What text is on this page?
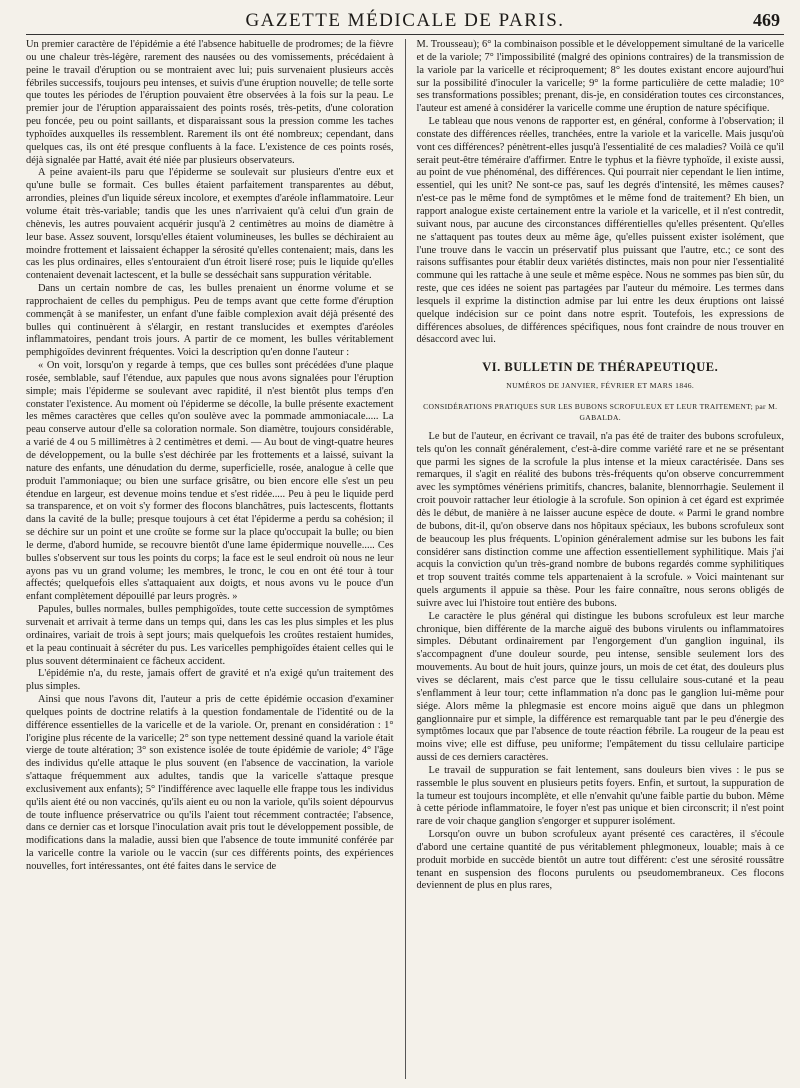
GAZETTE MÉDICALE DE PARIS.	469

Un premier caractère de l'épidémie a été l'absence habituelle de prodromes; de la fièvre ou une chaleur très-légère, rarement des nausées ou des vomissements, précédaient à peine le travail d'éruption ou se montraient avec lui; puis survenaient plusieurs accès fébriles successifs, toujours peu intenses, et suivis d'une éruption nouvelle; de telle sorte que toutes les périodes de l'éruption pouvaient être observées à la fois sur la peau. Le premier jour de l'éruption apparaissaient des points rosés, très-petits, d'une coloration peu foncée, peu ou point saillants, et disparaissant sous la pression comme les taches typhoïdes auxquelles ils ressemblent. Rarement ils ont été nombreux; cependant, dans quelques cas, ils ont été presque confluents à la face. L'existence de ces points rosés, déjà signalée par Hatté, avait été niée par plusieurs observateurs.

A peine avaient-ils paru que l'épiderme se soulevait sur plusieurs d'entre eux et qu'une bulle se formait. Ces bulles étaient parfaitement transparentes au début, arrondies, pleines d'un liquide séreux incolore, et exemptes d'aréole inflammatoire. Leur volume était très-variable; tandis que les unes n'arrivaient qu'à celui d'un grain de chènevis, les autres pouvaient acquérir jusqu'à 2 centimètres au moins de diamètre à leur base. Assez souvent, lorsqu'elles étaient volumineuses, les bulles se déchiraient au moindre frottement et laissaient échapper la sérosité qu'elles contenaient; mais, dans les cas les plus ordinaires, elles s'entouraient d'un étroit liseré rose; puis le liquide qu'elles contenaient devenait lactescent, et la bulle se desséchait sans suppuration véritable.

Dans un certain nombre de cas, les bulles prenaient un énorme volume et se rapprochaient de celles du pemphigus. Peu de temps avant que cette forme d'éruption commençât à se manifester, un enfant d'une faible complexion avait déjà présenté des bulles qui continuèrent à s'élargir, en restant translucides et exemptes d'aréoles inflammatoires, pendant trois jours. A partir de ce moment, les bulles véritablement pemphigoïdes devinrent fréquentes. Voici la description qu'en donne l'auteur :

« On voit, lorsqu'on y regarde à temps, que ces bulles sont précédées d'une plaque rosée, semblable, sauf l'étendue, aux papules que nous avons signalées pour l'éruption simple; mais l'épiderme se soulevant avec rapidité, il n'est bientôt plus temps d'en constater l'existence. Au moment où l'épiderme se décolle, la bulle présente exactement les mêmes caractères que celles qu'on soulève avec la pommade ammoniacale..... La peau conserve autour d'elle sa coloration normale. Son diamètre, toujours considérable, a varié de 4 ou 5 millimètres à 2 centimètres et demi. — Au bout de vingt-quatre heures de développement, ou la bulle s'est déchirée par les frottements et a laissé, suivant la nature des enfants, une dénudation du derme, superficielle, rosée, analogue à celle que produit l'ammoniaque; ou bien une surface grisâtre, ou bien encore elle s'est un peu étendue en largeur, est devenue moins tendue et s'est ridée..... Peu à peu le liquide perd sa transparence, et on voit s'y former des flocons blanchâtres, puis lactescents, flottants dans la cavité de la bulle; presque toujours à cet état l'épiderme a perdu sa cohésion; il se déchire sur un point et une croûte se forme sur la place qu'occupait la bulle; ou bien le derme, d'abord humide, se recouvre bientôt d'une lame épidermique nouvelle..... Ces bulles s'observent sur tous les points du corps; la face est le seul endroit où nous ne leur ayons pas vu un grand volume; les membres, le tronc, le cou en ont été tour à tour affectés; quelquefois elles s'attaquaient aux doigts, et nous avons vu le pouce d'un enfant complètement dépouillé par leurs progrès. »

Papules, bulles normales, bulles pemphigoïdes, toute cette succession de symptômes survenait et arrivait à terme dans un temps qui, dans les cas les plus simples et les plus ordinaires, variait de trois à sept jours; mais quelquefois les croûtes restaient humides, et la peau continuait à sécréter du pus. Les varicelles pemphigoïdes étaient celles qui le plus souvent déterminaient ce fâcheux accident.

L'épidémie n'a, du reste, jamais offert de gravité et n'a exigé qu'un traitement des plus simples.

Ainsi que nous l'avons dit, l'auteur a pris de cette épidémie occasion d'examiner quelques points de doctrine relatifs à la question fondamentale de l'identité ou de la différence essentielles de la varicelle et de la variole. Or, prenant en considération : 1° l'origine plus récente de la varicelle; 2° son type nettement dessiné quand la variole était vierge de toute altération; 3° son existence isolée de toute épidémie de variole; 4° l'âge des individus qu'elle attaque le plus souvent (en l'absence de vaccination, la variole s'attaque fréquemment aux adultes, tandis que la varicelle s'attaque presque exclusivement aux enfants); 5° l'indifférence avec laquelle elle frappe tous les individus qu'ils aient été ou non vaccinés, qu'ils aient eu ou non la variole, qu'ils soient dépourvus de toute influence préservatrice ou qu'ils l'aient tout récemment contractée; l'absence, dans ce dernier cas et lorsque l'inoculation avait pris tout le développement possible, de modifications dans la maladie, aussi bien que l'absence de toute immunité conférée par la varicelle contre la variole ou le vaccin (sur ces différents points, des expériences nouvelles, fort intéressantes, ont été faites dans le service de

M. Trousseau); 6° la combinaison possible et le développement simultané de la varicelle et de la variole; 7° l'impossibilité (malgré des opinions contraires) de la transmission de la variole par la varicelle et réciproquement; 8° les doutes existant encore aujourd'hui sur la possibilité d'inoculer la varicelle; 9° la forme particulière de cette maladie; 10° ses transformations possibles; prenant, dis-je, en considération toutes ces circonstances, l'auteur est amené à considérer la varicelle comme une éruption de nature spécifique.

Le tableau que nous venons de rapporter est, en général, conforme à l'observation; il constate des différences réelles, tranchées, entre la variole et la varicelle. Mais jusqu'où vont ces différences? pénètrent-elles jusqu'à l'essentialité de ces maladies? Voilà ce qu'il serait peut-être téméraire d'affirmer. Entre le typhus et la fièvre typhoïde, il existe aussi, au point de vue phénoménal, des différences. Qui pourrait nier cependant le lien intime, essentiel, qui les unit? Ne sont-ce pas, sauf les degrés d'intensité, les mêmes causes? n'est-ce pas le même fond de symptômes et le même fond de traitement? Eh bien, un rapport analogue existe certainement entre la variole et la varicelle, et il n'est contredit, suivant nous, par aucune des circonstances différentielles qu'elles présentent. Qu'elles ne s'attaquent pas toutes deux au même âge, qu'elles puissent exister isolément, que l'une trouve dans le vaccin un préservatif plus puissant que l'autre, etc.; ce sont des raisons suffisantes pour établir deux variétés distinctes, mais non pour nier l'essentialité commune qui les rattache à une seule et même espèce. Nous ne sommes pas bien sûr, du reste, que ces idées ne soient pas partagées par l'auteur du mémoire. Les termes dans lesquels il exprime la distinction admise par lui entre les deux éruptions ont laissé quelque indécision sur ce point dans notre esprit. Toutefois, les expressions de différences absolues, de différences spécifiques, nous font craindre de nous trouver en désaccord avec lui.

VI. BULLETIN DE THÉRAPEUTIQUE.
NUMÉROS DE JANVIER, FÉVRIER ET MARS 1846.
CONSIDÉRATIONS PRATIQUES SUR LES BUBONS SCROFULEUX ET LEUR TRAITEMENT; par M. GABALDA.

Le but de l'auteur, en écrivant ce travail, n'a pas été de traiter des bubons scrofuleux, tels qu'on les connaît généralement, c'est-à-dire comme variété rare et ne se présentant que parmi les signes de la scrofule la plus intense et la mieux caractérisée. Dans ses remarques, il s'agit en réalité des bubons très-fréquents qu'on observe concurremment avec les symptômes vénériens primitifs, chancres, balanite, blennorrhagie. Seulement il croit pouvoir rattacher leur étiologie à la scrofule. Son opinion à cet égard est exprimée dès le début, de manière à ne laisser aucune espèce de doute. « Parmi le grand nombre de bubons, dit-il, qu'on observe dans nos hôpitaux spéciaux, les bubons scrofuleux sont de beaucoup les plus fréquents. L'opinion généralement admise sur les bubons les fait considérer sans distinction comme une affection essentiellement syphilitique. Mais j'ai acquis la conviction qu'un très-grand nombre de bubons regardés comme syphilitiques et trop souvent traités comme tels appartenaient à la scrofule. » Voici maintenant sur quels arguments il appuie sa thèse. Pour les faire connaître, nous serons obligés de suivre avec lui l'histoire tout entière des bubons.

Le caractère le plus général qui distingue les bubons scrofuleux est leur marche chronique, bien différente de la marche aiguë des bubons virulents ou inflammatoires simples. Débutant ordinairement par l'engorgement d'un ganglion inguinal, ils s'accompagnent d'une douleur sourde, peu intense, sensible seulement lors des mouvements. Au bout de huit jours, quinze jours, un mois de cet état, des douleurs plus vives se déclarent, mais c'est parce que le tissu cellulaire sous-cutané et la peau s'enflamment à leur tour; cette inflammation n'a donc pas le ganglion lui-même pour siége. Alors même la phlegmasie est encore moins aiguë que dans un phlegmon ganglionnaire pur et simple, la différence est remarquable tant par le peu d'énergie des symptômes locaux que par l'absence de toute réaction fébrile. La rougeur de la peau est moins vive; elle est diffuse, peu uniforme; l'empâtement du tissu cellulaire participe aussi de ces derniers caractères.

Le travail de suppuration se fait lentement, sans douleurs bien vives : le pus se rassemble le plus souvent en plusieurs petits foyers. Enfin, et surtout, la suppuration de la tumeur est toujours incomplète, et elle n'envahit qu'une faible partie du bubon. Même à cette période inflammatoire, le foyer n'est pas unique et bien circonscrit; il n'est point rare de voir chaque ganglion s'engorger et suppurer isolément.

Lorsqu'on ouvre un bubon scrofuleux ayant présenté ces caractères, il s'écoule d'abord une certaine quantité de pus véritablement phlegmoneux, louable; mais à ce produit morbide en succède bientôt un autre tout différent: c'est une sérosité roussâtre tenant en suspension des flocons purulents ou pseudomembraneux. Ces flocons deviennent de plus en plus rares,
